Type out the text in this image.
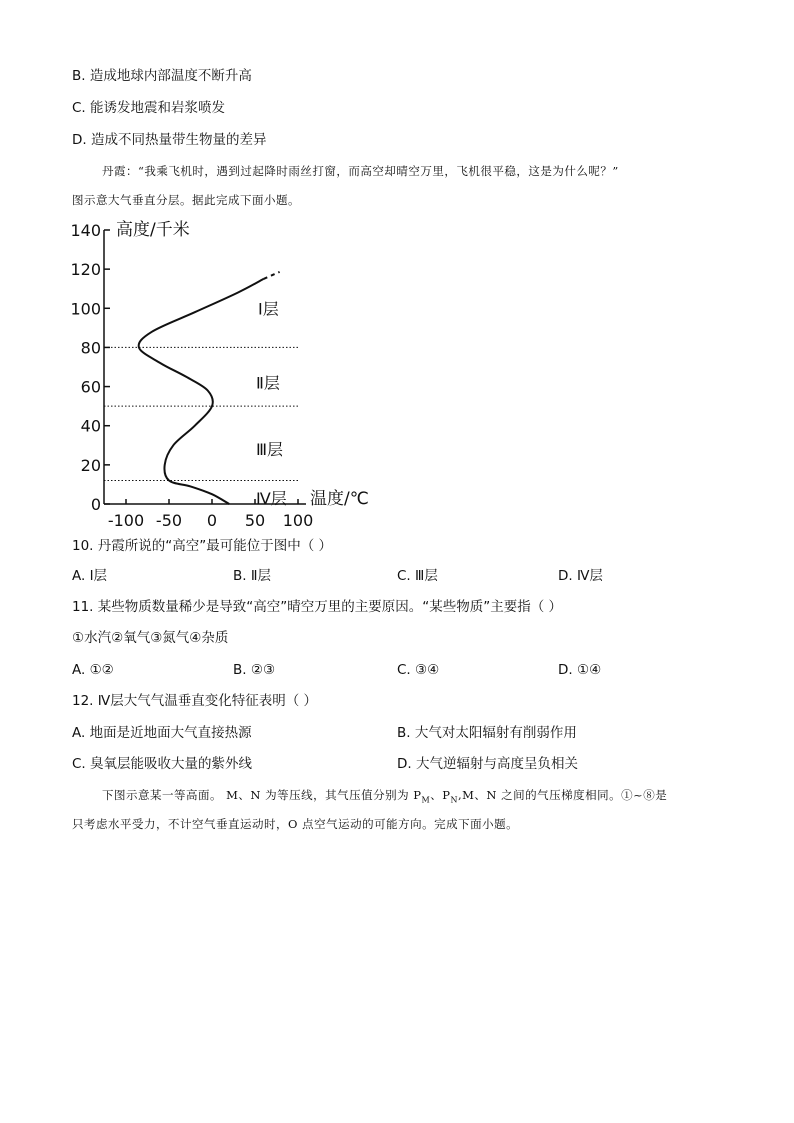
B. 造成地球内部温度不断升高
C. 能诱发地震和岩浆喷发
D. 造成不同热量带生物量的差异
丹霞：“我乘飞机时，遇到过起降时雨丝打窗，而高空却晴空万里，飞机很平稳，这是为什么呢？”
图示意大气垂直分层。据此完成下面小题。
0
20
40
60
80
100
120
140
-100 -50 0 50 100
Ⅰ层
Ⅱ层
Ⅲ层
Ⅳ层
高度/千米
温度/℃
10. 丹霞所说的“高空”最可能位于图中（ ）
A. Ⅰ层	B. Ⅱ层	C. Ⅲ层	D. Ⅳ层
11. 某些物质数量稀少是导致“高空”晴空万里的主要原因。“某些物质”主要指（ ）
①水汽②氧气③氮气④杂质
A. ①②	B. ②③	C. ③④	D. ①④
12. Ⅳ层大气气温垂直变化特征表明（ ）
A. 地面是近地面大气直接热源	B. 大气对太阳辐射有削弱作用
C. 臭氧层能吸收大量的紫外线	D. 大气逆辐射与高度呈负相关
下图示意某一等高面。 M、N 为等压线，其气压值分别为 $P_M$、$P_N,M$、N 之间的气压梯度相同。①~⑧是
只考虑水平受力，不计空气垂直运动时，O 点空气运动的可能方向。完成下面小题。
